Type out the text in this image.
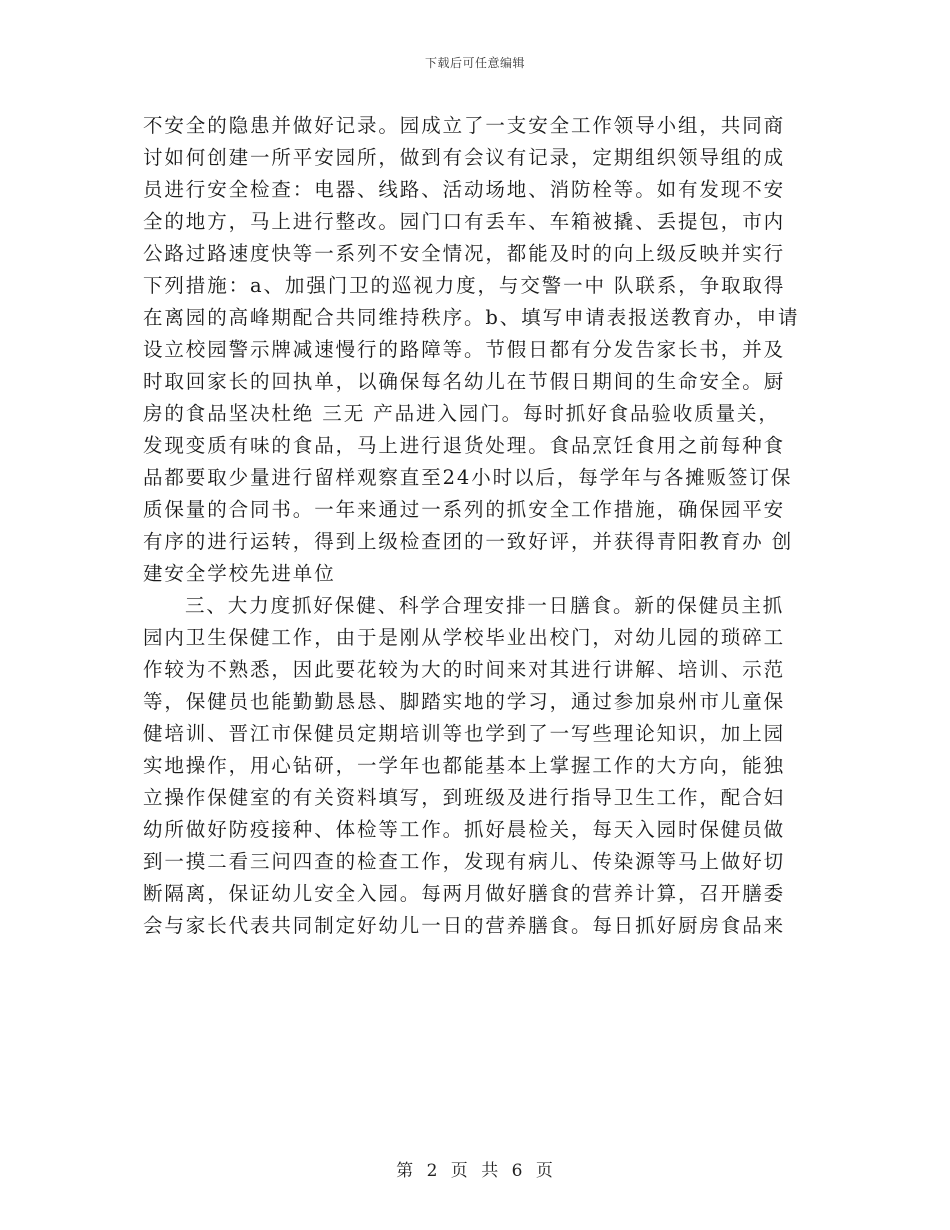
下载后可任意编辑
不安全的隐患并做好记录。园成立了一支安全工作领导小组，共同商
讨如何创建一所平安园所，做到有会议有记录，定期组织领导组的成
员进行安全检查：电器、线路、活动场地、消防栓等。如有发现不安
全的地方，马上进行整改。园门口有丢车、车箱被撬、丢提包，市内
公路过路速度快等一系列不安全情况，都能及时的向上级反映并实行
下列措施：a、加强门卫的巡视力度，与交警一中 队联系，争取取得
在离园的高峰期配合共同维持秩序。b、填写申请表报送教育办，申请
设立校园警示牌减速慢行的路障等。节假日都有分发告家长书，并及
时取回家长的回执单，以确保每名幼儿在节假日期间的生命安全。厨
房的食品坚决杜绝 三无 产品进入园门。每时抓好食品验收质量关，
发现变质有味的食品，马上进行退货处理。食品烹饪食用之前每种食
品都要取少量进行留样观察直至24小时以后，每学年与各摊贩签订保
质保量的合同书。一年来通过一系列的抓安全工作措施，确保园平安
有序的进行运转，得到上级检查团的一致好评，并获得青阳教育办 创
建安全学校先进单位
三、大力度抓好保健、科学合理安排一日膳食。新的保健员主抓
园内卫生保健工作，由于是刚从学校毕业出校门，对幼儿园的琐碎工
作较为不熟悉，因此要花较为大的时间来对其进行讲解、培训、示范
等，保健员也能勤勤恳恳、脚踏实地的学习，通过参加泉州市儿童保
健培训、晋江市保健员定期培训等也学到了一写些理论知识，加上园
实地操作，用心钻研，一学年也都能基本上掌握工作的大方向，能独
立操作保健室的有关资料填写，到班级及进行指导卫生工作，配合妇
幼所做好防疫接种、体检等工作。抓好晨检关，每天入园时保健员做
到一摸二看三问四查的检查工作，发现有病儿、传染源等马上做好切
断隔离，保证幼儿安全入园。每两月做好膳食的营养计算，召开膳委
会与家长代表共同制定好幼儿一日的营养膳食。每日抓好厨房食品来
第 2 页 共 6 页
